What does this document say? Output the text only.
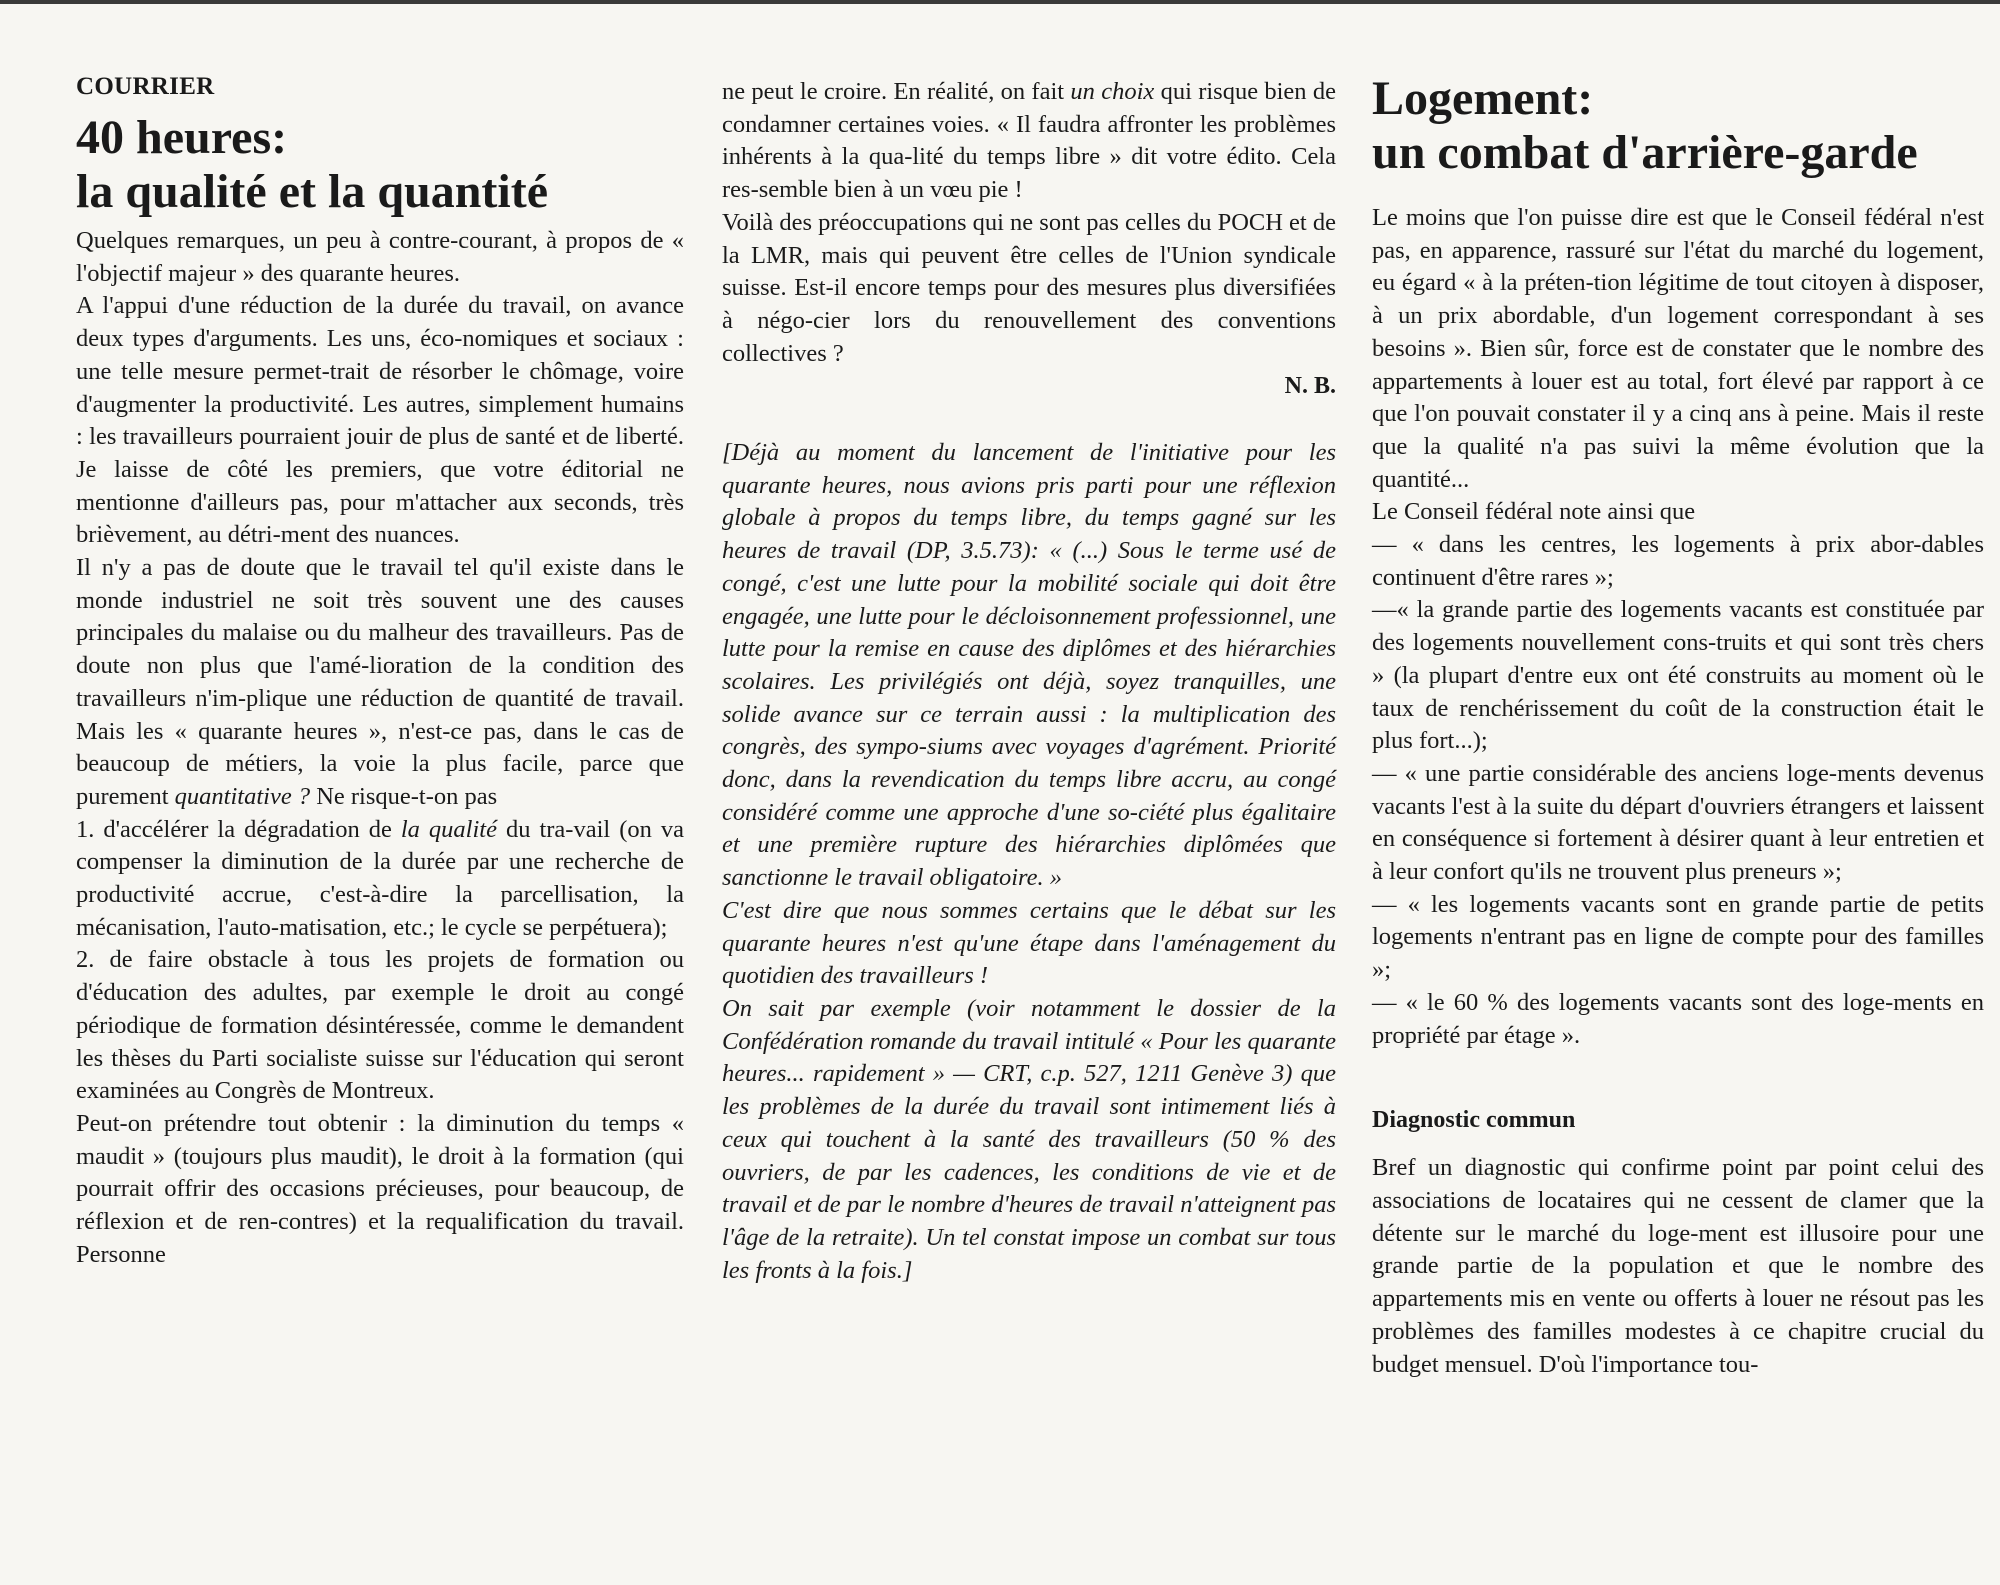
COURRIER
40 heures:
la qualité et la quantité

Quelques remarques, un peu à contre-courant, à propos de « l'objectif majeur » des quarante heures.

A l'appui d'une réduction de la durée du travail, on avance deux types d'arguments. Les uns, éco-nomiques et sociaux : une telle mesure permet-trait de résorber le chômage, voire d'augmenter la productivité. Les autres, simplement humains : les travailleurs pourraient jouir de plus de santé et de liberté. Je laisse de côté les premiers, que votre éditorial ne mentionne d'ailleurs pas, pour m'attacher aux seconds, très brièvement, au détri-ment des nuances.

Il n'y a pas de doute que le travail tel qu'il existe dans le monde industriel ne soit très souvent une des causes principales du malaise ou du malheur des travailleurs. Pas de doute non plus que l'amé-lioration de la condition des travailleurs n'im-plique une réduction de quantité de travail. Mais les « quarante heures », n'est-ce pas, dans le cas de beaucoup de métiers, la voie la plus facile, parce que purement quantitative ? Ne risque-t-on pas

1. d'accélérer la dégradation de la qualité du tra-vail (on va compenser la diminution de la durée par une recherche de productivité accrue, c'est-à-dire la parcellisation, la mécanisation, l'auto-matisation, etc.; le cycle se perpétuera);

2. de faire obstacle à tous les projets de formation ou d'éducation des adultes, par exemple le droit au congé périodique de formation désintéressée, comme le demandent les thèses du Parti socialiste suisse sur l'éducation qui seront examinées au Congrès de Montreux.

Peut-on prétendre tout obtenir : la diminution du temps « maudit » (toujours plus maudit), le droit à la formation (qui pourrait offrir des occasions précieuses, pour beaucoup, de réflexion et de ren-contres) et la requalification du travail. Personne

ne peut le croire. En réalité, on fait un choix qui risque bien de condamner certaines voies. « Il faudra affronter les problèmes inhérents à la qua-lité du temps libre » dit votre édito. Cela res-semble bien à un vœu pie !

Voilà des préoccupations qui ne sont pas celles du POCH et de la LMR, mais qui peuvent être celles de l'Union syndicale suisse. Est-il encore temps pour des mesures plus diversifiées à négo-cier lors du renouvellement des conventions collectives ?

N. B.

[Déjà au moment du lancement de l'initiative pour les quarante heures, nous avions pris parti pour une réflexion globale à propos du temps libre, du temps gagné sur les heures de travail (DP, 3.5.73): « (...) Sous le terme usé de congé, c'est une lutte pour la mobilité sociale qui doit être engagée, une lutte pour le décloisonnement professionnel, une lutte pour la remise en cause des diplômes et des hiérarchies scolaires. Les privilégiés ont déjà, soyez tranquilles, une solide avance sur ce terrain aussi : la multiplication des congrès, des sympo-siums avec voyages d'agrément. Priorité donc, dans la revendication du temps libre accru, au congé considéré comme une approche d'une so-ciété plus égalitaire et une première rupture des hiérarchies diplômées que sanctionne le travail obligatoire. »

C'est dire que nous sommes certains que le débat sur les quarante heures n'est qu'une étape dans l'aménagement du quotidien des travailleurs !

On sait par exemple (voir notamment le dossier de la Confédération romande du travail intitulé « Pour les quarante heures... rapidement » — CRT, c.p. 527, 1211 Genève 3) que les problèmes de la durée du travail sont intimement liés à ceux qui touchent à la santé des travailleurs (50 % des ouvriers, de par les cadences, les conditions de vie et de travail et de par le nombre d'heures de travail n'atteignent pas l'âge de la retraite). Un tel constat impose un combat sur tous les fronts à la fois.]

Logement:
un combat d'arrière-garde

Le moins que l'on puisse dire est que le Conseil fédéral n'est pas, en apparence, rassuré sur l'état du marché du logement, eu égard « à la préten-tion légitime de tout citoyen à disposer, à un prix abordable, d'un logement correspondant à ses besoins ». Bien sûr, force est de constater que le nombre des appartements à louer est au total, fort élevé par rapport à ce que l'on pouvait constater il y a cinq ans à peine. Mais il reste que la qualité n'a pas suivi la même évolution que la quantité...

Le Conseil fédéral note ainsi que

— « dans les centres, les logements à prix abor-dables continuent d'être rares »;

—« la grande partie des logements vacants est constituée par des logements nouvellement cons-truits et qui sont très chers » (la plupart d'entre eux ont été construits au moment où le taux de renchérissement du coût de la construction était le plus fort...);

— « une partie considérable des anciens loge-ments devenus vacants l'est à la suite du départ d'ouvriers étrangers et laissent en conséquence si fortement à désirer quant à leur entretien et à leur confort qu'ils ne trouvent plus preneurs »;

— « les logements vacants sont en grande partie de petits logements n'entrant pas en ligne de compte pour des familles »;

— « le 60 % des logements vacants sont des loge-ments en propriété par étage ».

Diagnostic commun

Bref un diagnostic qui confirme point par point celui des associations de locataires qui ne cessent de clamer que la détente sur le marché du loge-ment est illusoire pour une grande partie de la population et que le nombre des appartements mis en vente ou offerts à louer ne résout pas les problèmes des familles modestes à ce chapitre crucial du budget mensuel. D'où l'importance tou-
